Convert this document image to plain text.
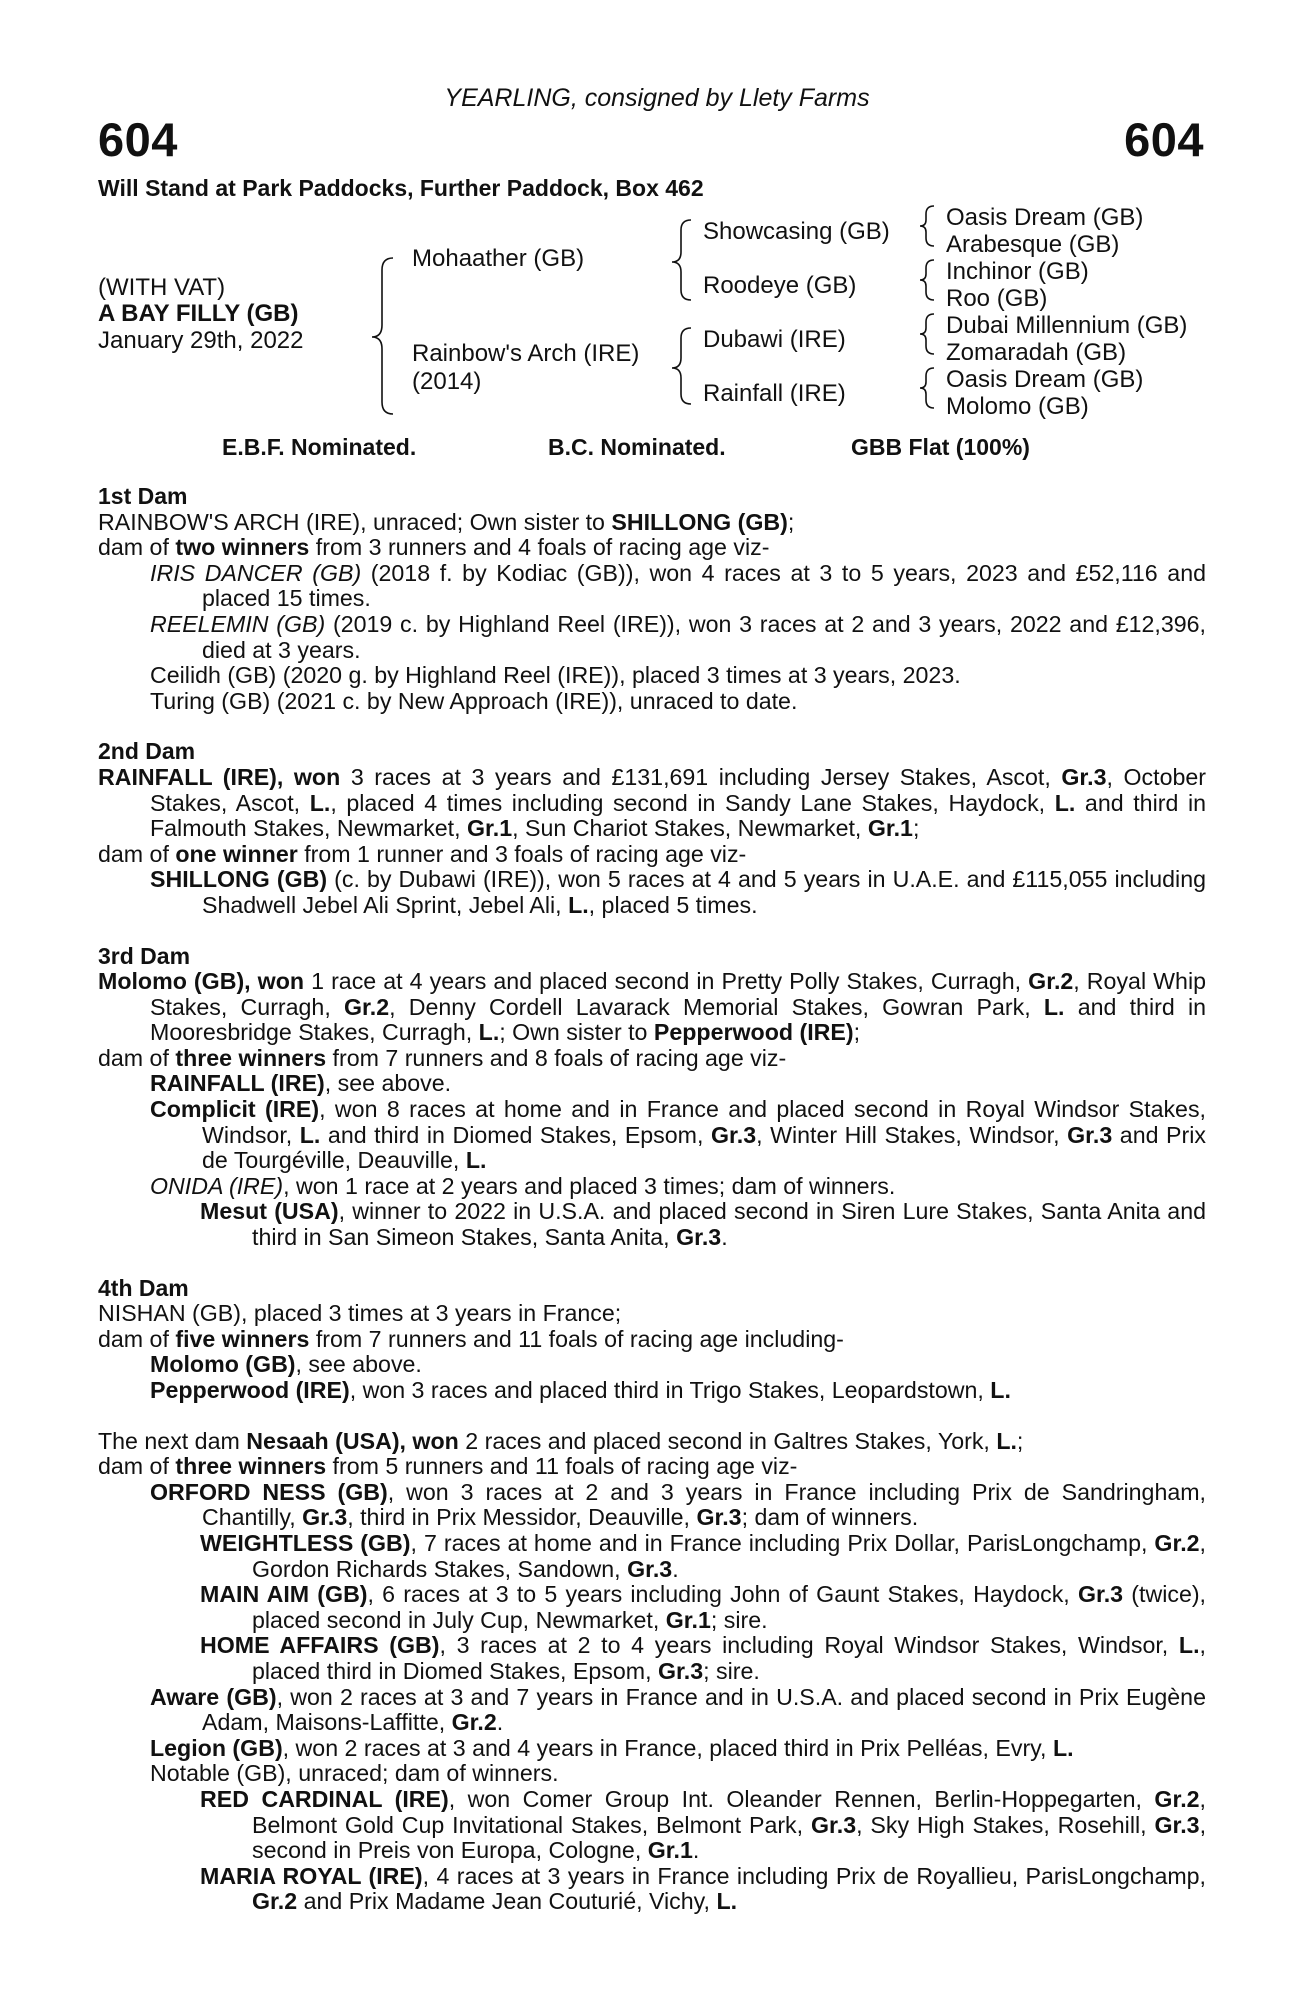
YEARLING, consigned by Llety Farms
604	604
Will Stand at Park Paddocks, Further Paddock, Box 462
(WITH VAT)
A BAY FILLY (GB)
January 29th, 2022
Mohaather (GB)
Rainbow's Arch (IRE)
(2014)
Showcasing (GB)
Roodeye (GB)
Dubawi (IRE)
Rainfall (IRE)
Oasis Dream (GB)
Arabesque (GB)
Inchinor (GB)
Roo (GB)
Dubai Millennium (GB)
Zomaradah (GB)
Oasis Dream (GB)
Molomo (GB)
E.B.F. Nominated.	B.C. Nominated.	GBB Flat (100%)
1st Dam
RAINBOW'S ARCH (IRE), unraced; Own sister to SHILLONG (GB);
dam of two winners from 3 runners and 4 foals of racing age viz-
IRIS DANCER (GB) (2018 f. by Kodiac (GB)), won 4 races at 3 to 5 years, 2023 and £52,116 and placed 15 times.
REELEMIN (GB) (2019 c. by Highland Reel (IRE)), won 3 races at 2 and 3 years, 2022 and £12,396, died at 3 years.
Ceilidh (GB) (2020 g. by Highland Reel (IRE)), placed 3 times at 3 years, 2023.
Turing (GB) (2021 c. by New Approach (IRE)), unraced to date.
2nd Dam
RAINFALL (IRE), won 3 races at 3 years and £131,691 including Jersey Stakes, Ascot, Gr.3, October Stakes, Ascot, L., placed 4 times including second in Sandy Lane Stakes, Haydock, L. and third in Falmouth Stakes, Newmarket, Gr.1, Sun Chariot Stakes, Newmarket, Gr.1;
dam of one winner from 1 runner and 3 foals of racing age viz-
SHILLONG (GB) (c. by Dubawi (IRE)), won 5 races at 4 and 5 years in U.A.E. and £115,055 including Shadwell Jebel Ali Sprint, Jebel Ali, L., placed 5 times.
3rd Dam
Molomo (GB), won 1 race at 4 years and placed second in Pretty Polly Stakes, Curragh, Gr.2, Royal Whip Stakes, Curragh, Gr.2, Denny Cordell Lavarack Memorial Stakes, Gowran Park, L. and third in Mooresbridge Stakes, Curragh, L.; Own sister to Pepperwood (IRE);
dam of three winners from 7 runners and 8 foals of racing age viz-
RAINFALL (IRE), see above.
Complicit (IRE), won 8 races at home and in France and placed second in Royal Windsor Stakes, Windsor, L. and third in Diomed Stakes, Epsom, Gr.3, Winter Hill Stakes, Windsor, Gr.3 and Prix de Tourgéville, Deauville, L.
ONIDA (IRE), won 1 race at 2 years and placed 3 times; dam of winners.
Mesut (USA), winner to 2022 in U.S.A. and placed second in Siren Lure Stakes, Santa Anita and third in San Simeon Stakes, Santa Anita, Gr.3.
4th Dam
NISHAN (GB), placed 3 times at 3 years in France;
dam of five winners from 7 runners and 11 foals of racing age including-
Molomo (GB), see above.
Pepperwood (IRE), won 3 races and placed third in Trigo Stakes, Leopardstown, L.
The next dam Nesaah (USA), won 2 races and placed second in Galtres Stakes, York, L.;
dam of three winners from 5 runners and 11 foals of racing age viz-
ORFORD NESS (GB), won 3 races at 2 and 3 years in France including Prix de Sandringham, Chantilly, Gr.3, third in Prix Messidor, Deauville, Gr.3; dam of winners.
WEIGHTLESS (GB), 7 races at home and in France including Prix Dollar, ParisLongchamp, Gr.2, Gordon Richards Stakes, Sandown, Gr.3.
MAIN AIM (GB), 6 races at 3 to 5 years including John of Gaunt Stakes, Haydock, Gr.3 (twice), placed second in July Cup, Newmarket, Gr.1; sire.
HOME AFFAIRS (GB), 3 races at 2 to 4 years including Royal Windsor Stakes, Windsor, L., placed third in Diomed Stakes, Epsom, Gr.3; sire.
Aware (GB), won 2 races at 3 and 7 years in France and in U.S.A. and placed second in Prix Eugène Adam, Maisons-Laffitte, Gr.2.
Legion (GB), won 2 races at 3 and 4 years in France, placed third in Prix Pelléas, Evry, L.
Notable (GB), unraced; dam of winners.
RED CARDINAL (IRE), won Comer Group Int. Oleander Rennen, Berlin-Hoppegarten, Gr.2, Belmont Gold Cup Invitational Stakes, Belmont Park, Gr.3, Sky High Stakes, Rosehill, Gr.3, second in Preis von Europa, Cologne, Gr.1.
MARIA ROYAL (IRE), 4 races at 3 years in France including Prix de Royallieu, ParisLongchamp, Gr.2 and Prix Madame Jean Couturié, Vichy, L.
